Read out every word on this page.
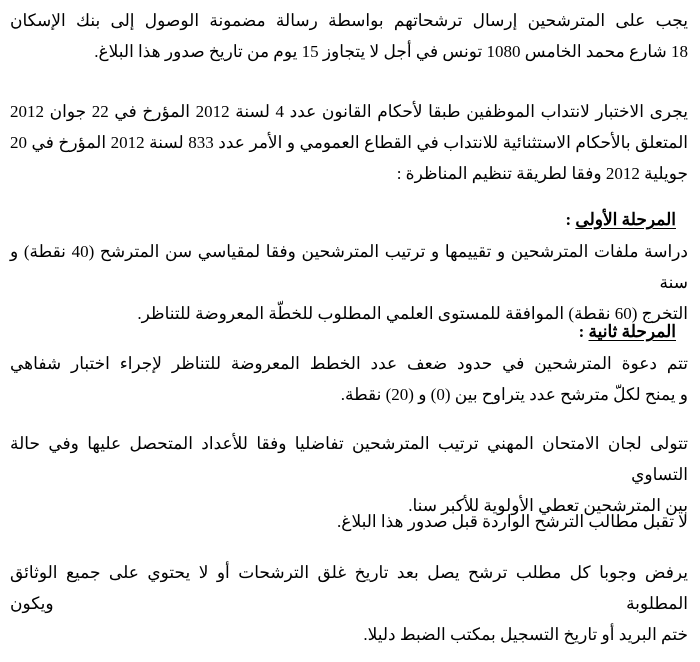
يجب على المترشحين إرسال ترشحاتهم بواسطة رسالة مضمونة الوصول إلى بنك الإسكان
18 شارع محمد الخامس 1080 تونس في أجل لا يتجاوز 15 يوم من تاريخ صدور هذا البلاغ.
يجرى الاختبار لانتداب الموظفين طبقا لأحكام القانون عدد 4 لسنة 2012 المؤرخ في 22 جوان 2012
المتعلق بالأحكام الاستثنائية للانتداب في القطاع العمومي و الأمر عدد 833 لسنة 2012 المؤرخ في 20
جويلية 2012 وفقا لطريقة تنظيم المناظرة :
المرحلة الأولى :
دراسة ملفات المترشحين و تقييمها و ترتيب المترشحين وفقا لمقياسي سن المترشح (40 نقطة) و سنة
التخرج (60 نقطة) الموافقة للمستوى العلمي المطلوب للخطّة المعروضة للتناظر.
المرحلة ثانية :
تتم دعوة المترشحين في حدود ضعف عدد الخطط المعروضة للتناظر لإجراء اختبار شفاهي
و يمنح لكلّ مترشح عدد يتراوح بين (0) و (20) نقطة.
تتولى لجان الامتحان المهني ترتيب المترشحين تفاضليا وفقا للأعداد المتحصل عليها وفي حالة التساوي
بين المترشحين تعطي الأولوية للأكبر سنا.
لا تقبل مطالب الترشح الواردة قبل صدور هذا البلاغ.
يرفض وجوبا كل مطلب ترشح يصل بعد تاريخ غلق الترشحات أو لا يحتوي على جميع الوثائق المطلوبة ويكون
ختم البريد أو تاريخ التسجيل بمكتب الضبط دليلا.
